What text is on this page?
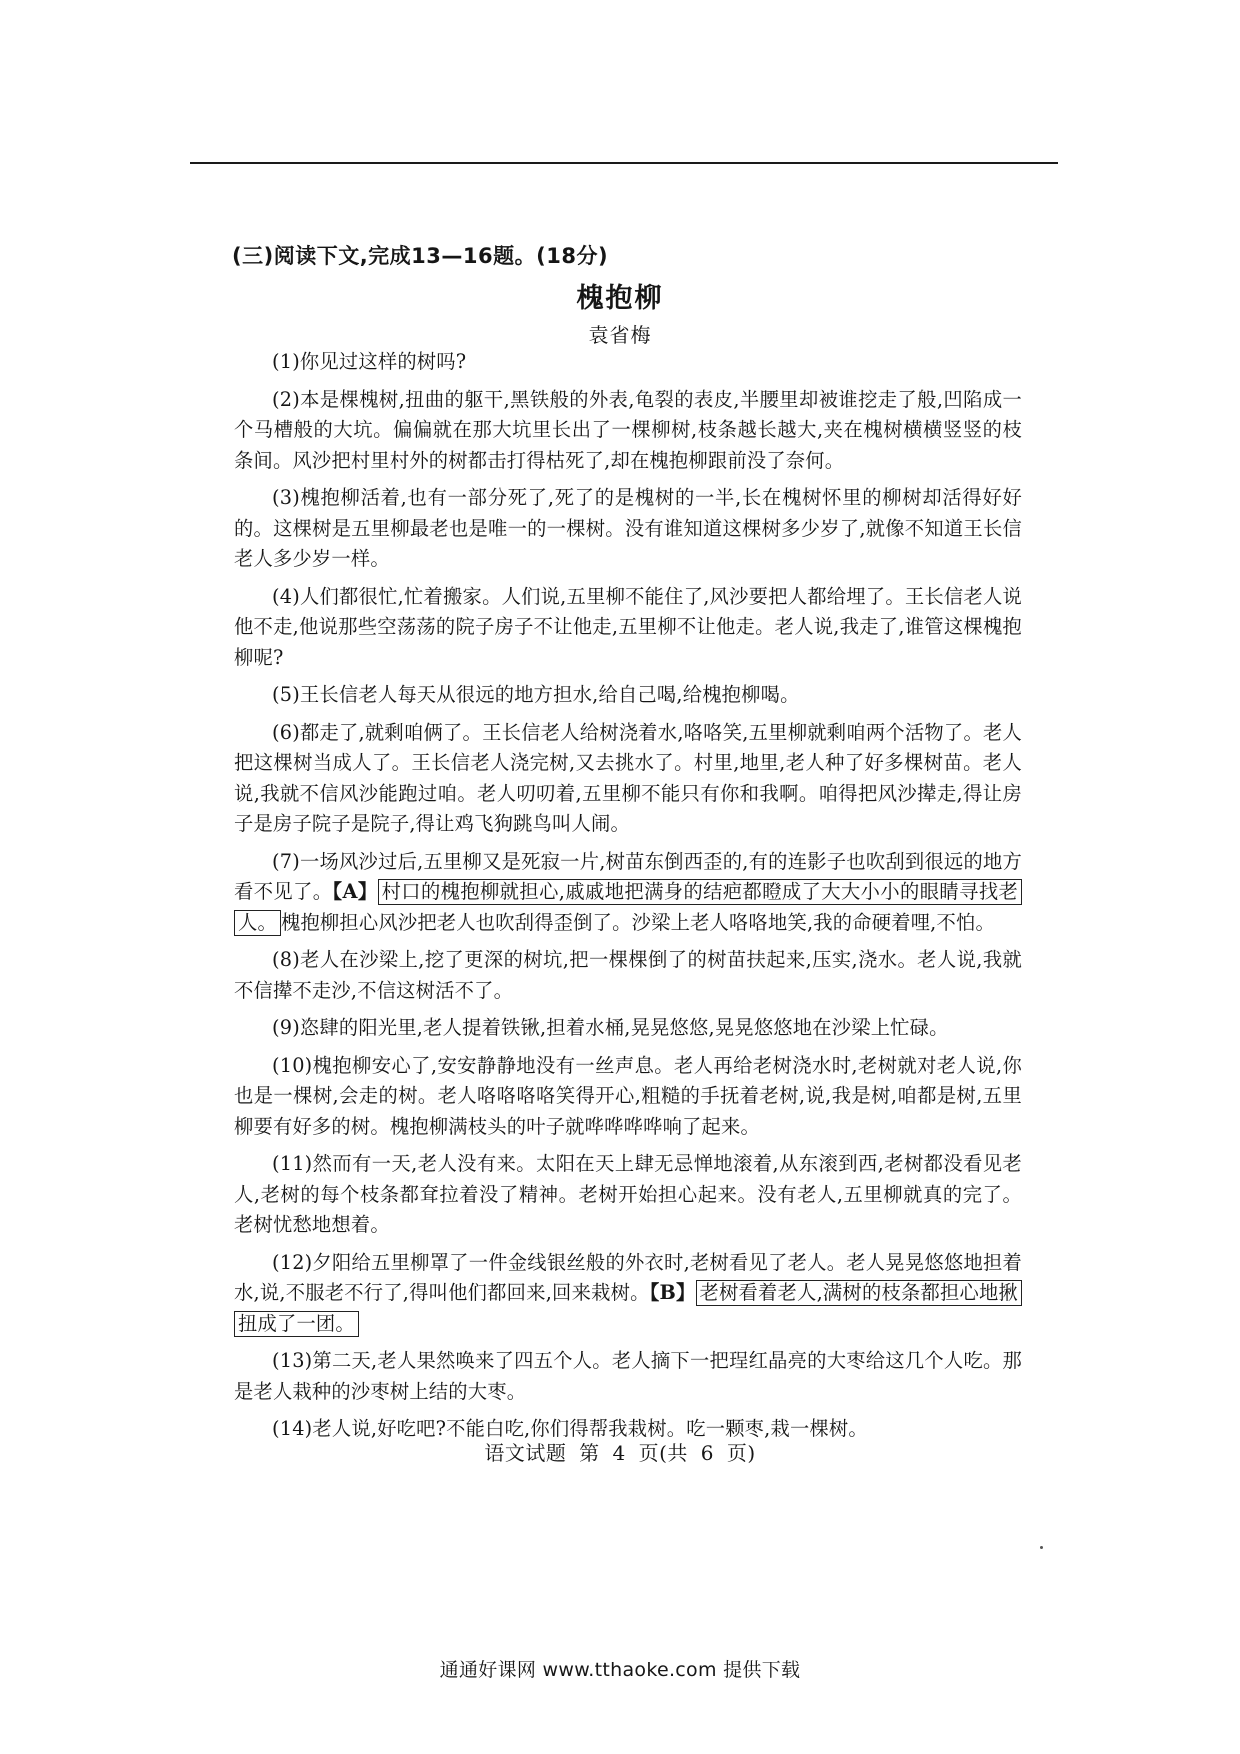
(三)阅读下文,完成13—16题。(18分)
槐抱柳
袁省梅

(1)你见过这样的树吗?

(2)本是棵槐树,扭曲的躯干,黑铁般的外表,龟裂的表皮,半腰里却被谁挖走了般,凹陷成一个马槽般的大坑。偏偏就在那大坑里长出了一棵柳树,枝条越长越大,夹在槐树横横竖竖的枝条间。风沙把村里村外的树都击打得枯死了,却在槐抱柳跟前没了奈何。

(3)槐抱柳活着,也有一部分死了,死了的是槐树的一半,长在槐树怀里的柳树却活得好好的。这棵树是五里柳最老也是唯一的一棵树。没有谁知道这棵树多少岁了,就像不知道王长信老人多少岁一样。

(4)人们都很忙,忙着搬家。人们说,五里柳不能住了,风沙要把人都给埋了。王长信老人说他不走,他说那些空荡荡的院子房子不让他走,五里柳不让他走。老人说,我走了,谁管这棵槐抱柳呢?

(5)王长信老人每天从很远的地方担水,给自己喝,给槐抱柳喝。

(6)都走了,就剩咱俩了。王长信老人给树浇着水,咯咯笑,五里柳就剩咱两个活物了。老人把这棵树当成人了。王长信老人浇完树,又去挑水了。村里,地里,老人种了好多棵树苗。老人说,我就不信风沙能跑过咱。老人叨叨着,五里柳不能只有你和我啊。咱得把风沙撵走,得让房子是房子院子是院子,得让鸡飞狗跳鸟叫人闹。

(7)一场风沙过后,五里柳又是死寂一片,树苗东倒西歪的,有的连影子也吹刮到很远的地方看不见了。【A】 村口的槐抱柳就担心,戚戚地把满身的结疤都瞪成了大大小小的眼睛寻找老人。 槐抱柳担心风沙把老人也吹刮得歪倒了。沙梁上老人咯咯地笑,我的命硬着哩,不怕。

(8)老人在沙梁上,挖了更深的树坑,把一棵棵倒了的树苗扶起来,压实,浇水。老人说,我就不信撵不走沙,不信这树活不了。

(9)恣肆的阳光里,老人提着铁锹,担着水桶,晃晃悠悠,晃晃悠悠地在沙梁上忙碌。

(10)槐抱柳安心了,安安静静地没有一丝声息。老人再给老树浇水时,老树就对老人说,你也是一棵树,会走的树。老人咯咯咯咯笑得开心,粗糙的手抚着老树,说,我是树,咱都是树,五里柳要有好多的树。槐抱柳满枝头的叶子就哗哗哗哗响了起来。

(11)然而有一天,老人没有来。太阳在天上肆无忌惮地滚着,从东滚到西,老树都没看见老人,老树的每个枝条都耷拉着没了精神。老树开始担心起来。没有老人,五里柳就真的完了。老树忧愁地想着。

(12)夕阳给五里柳罩了一件金线银丝般的外衣时,老树看见了老人。老人晃晃悠悠地担着水,说,不服老不行了,得叫他们都回来,回来栽树。【B】 老树看着老人,满树的枝条都担心地揪扭成了一团。

(13)第二天,老人果然唤来了四五个人。老人摘下一把珵红晶亮的大枣给这几个人吃。那是老人栽种的沙枣树上结的大枣。

(14)老人说,好吃吧?不能白吃,你们得帮我栽树。吃一颗枣,栽一棵树。

语文试题 第 4 页(共 6 页)
通通好课网 www.tthaoke.com 提供下载
